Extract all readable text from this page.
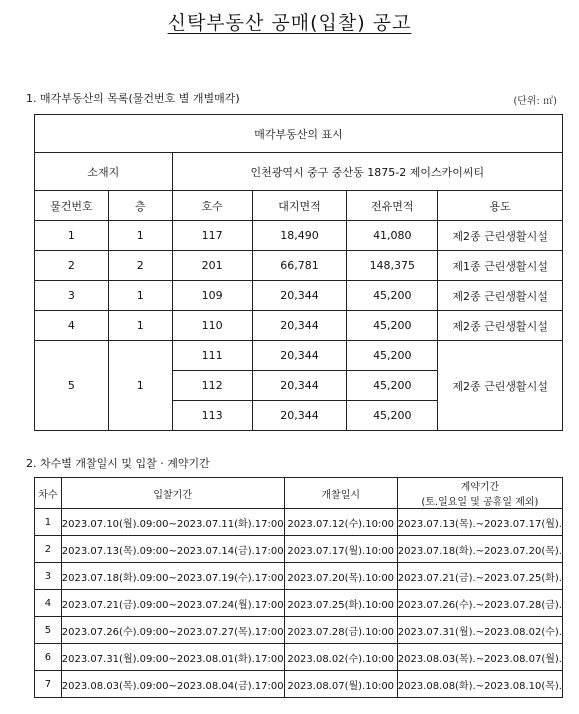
신탁부동산 공매(입찰) 공고
1. 매각부동산의 목록(물건번호 별 개별매각)	(단위: ㎡)
매각부동산의 표시					
소재지		인천광역시 중구 중산동 1875-2 제이스카이씨티			
물건번호	층	호수	대지면적	전유면적	용도
1	1	117	18,490	41,080	제2종 근린생활시설
2	2	201	66,781	148,375	제1종 근린생활시설
3	1	109	20,344	45,200	제2종 근린생활시설
4	1	110	20,344	45,200	제2종 근린생활시설
5	1	111	20,344	45,200	제2종 근린생활시설
		112	20,344	45,200	
		113	20,344	45,200	
2. 차수별 개찰일시 및 입찰 · 계약기간
차수	입찰기간	개찰일시	계약기간
(토.일요일 및 공휴일 제외)

1	2023.07.10(월).09:00~2023.07.11(화).17:00	2023.07.12(수).10:00	2023.07.13(목).~2023.07.17(월).
2	2023.07.13(목).09:00~2023.07.14(금).17:00	2023.07.17(월).10:00	2023.07.18(화).~2023.07.20(목).
3	2023.07.18(화).09:00~2023.07.19(수).17:00	2023.07.20(목).10:00	2023.07.21(금).~2023.07.25(화).
4	2023.07.21(금).09:00~2023.07.24(월).17:00	2023.07.25(화).10:00	2023.07.26(수).~2023.07.28(금).
5	2023.07.26(수).09:00~2023.07.27(목).17:00	2023.07.28(금).10:00	2023.07.31(월).~2023.08.02(수).
6	2023.07.31(월).09:00~2023.08.01(화).17:00	2023.08.02(수).10:00	2023.08.03(목).~2023.08.07(월).
7	2023.08.03(목).09:00~2023.08.04(금).17:00	2023.08.07(월).10:00	2023.08.08(화).~2023.08.10(목).
